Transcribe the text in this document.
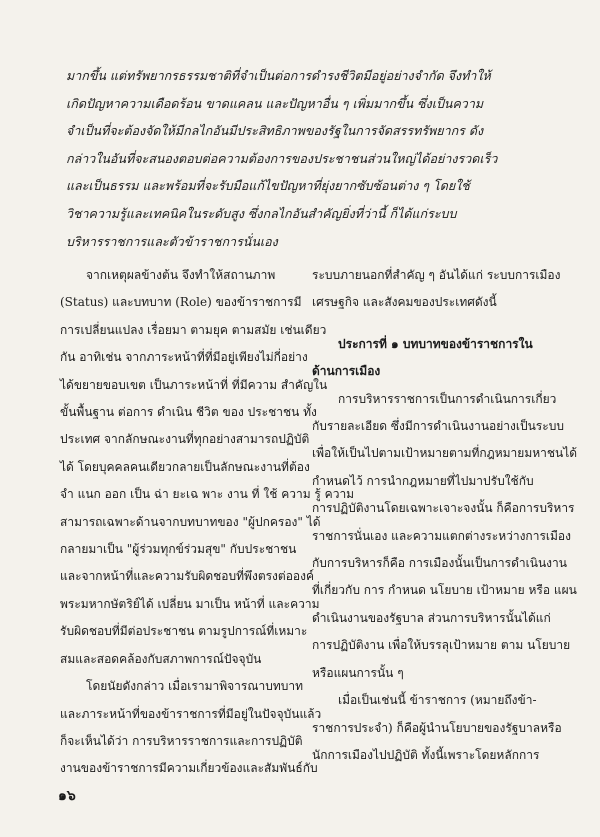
มากขึ้น แต่ทรัพยากรธรรมชาติที่จำเป็นต่อการดำรงชีวิตมีอยู่อย่างจำกัด จึงทำให้
เกิดปัญหาความเดือดร้อน ขาดแคลน และปัญหาอื่น ๆ เพิ่มมากขึ้น ซึ่งเป็นความ
จำเป็นที่จะต้องจัดให้มีกลไกอันมีประสิทธิภาพของรัฐในการจัดสรรทรัพยากร ดัง
กล่าวในอันที่จะสนองตอบต่อความต้องการของประชาชนส่วนใหญ่ได้อย่างรวดเร็ว
และเป็นธรรม และพร้อมที่จะรับมือแก้ไขปัญหาที่ยุ่งยากซับซ้อนต่าง ๆ โดยใช้
วิชาความรู้และเทคนิคในระดับสูง ซึ่งกลไกอันสำคัญยิ่งที่ว่านี้ ก็ได้แก่ระบบ
บริหารราชการและตัวข้าราชการนั่นเอง
จากเหตุผลข้างต้น จึงทำให้สถานภาพ
(Status) และบทบาท (Role) ของข้าราชการมี
การเปลี่ยนแปลง เรื่อยมา ตามยุค ตามสมัย เช่นเดียว
กัน อาทิเช่น จากภาระหน้าที่ที่มีอยู่เพียงไม่กี่อย่าง
ได้ขยายขอบเขต เป็นภาระหน้าที่ ที่มีความ สำคัญใน
ขั้นพื้นฐาน ต่อการ ดำเนิน ชีวิต ของ ประชาชน ทั้ง
ประเทศ จากลักษณะงานที่ทุกอย่างสามารถปฏิบัติ
ได้ โดยบุคคลคนเดียวกลายเป็นลักษณะงานที่ต้อง
จำ แนก ออก เป็น ฉ่า ยะเฉ พาะ งาน ที่ ใช้ ความ รู้ ความ
สามารถเฉพาะด้านจากบทบาทของ "ผู้ปกครอง" ได้
กลายมาเป็น "ผู้ร่วมทุกข์ร่วมสุข" กับประชาชน
และจากหน้าที่และความรับผิดชอบที่พึงตรงต่อองค์
พระมหากษัตริย์ได้ เปลี่ยน มาเป็น หน้าที่ และความ
รับผิดชอบที่มีต่อประชาชน ตามรูปการณ์ที่เหมาะ
สมและสอดคล้องกับสภาพการณ์ปัจจุบัน
โดยนัยดังกล่าว เมื่อเรามาพิจารณาบทบาท
และภาระหน้าที่ของข้าราชการที่มีอยู่ในปัจจุบันแล้ว
ก็จะเห็นได้ว่า การบริหารราชการและการปฏิบัติ
งานของข้าราชการมีความเกี่ยวข้องและสัมพันธ์กับ
ระบบภายนอกที่สำคัญ ๆ อันได้แก่ ระบบการเมือง
เศรษฐกิจ และสังคมของประเทศดังนี้
ประการที่ ๑ บทบาทของข้าราชการใน
ด้านการเมือง
การบริหารราชการเป็นการดำเนินการเกี่ยว
กับรายละเอียด ซึ่งมีการดำเนินงานอย่างเป็นระบบ
เพื่อให้เป็นไปตามเป้าหมายตามที่กฎหมายมหาชนได้
กำหนดไว้ การนำกฎหมายที่ไปมาปรับใช้กับ
การปฏิบัติงานโดยเฉพาะเจาะจงนั้น ก็คือการบริหาร
ราชการนั่นเอง และความแตกต่างระหว่างการเมือง
กับการบริหารก็คือ การเมืองนั้นเป็นการดำเนินงาน
ที่เกี่ยวกับ การ กำหนด นโยบาย เป้าหมาย หรือ แผน
ดำเนินงานของรัฐบาล ส่วนการบริหารนั้นได้แก่
การปฏิบัติงาน เพื่อให้บรรลุเป้าหมาย ตาม นโยบาย
หรือแผนการนั้น ๆ
เมื่อเป็นเช่นนี้ ข้าราชการ (หมายถึงข้า-
ราชการประจำ) ก็คือผู้นำนโยบายของรัฐบาลหรือ
นักการเมืองไปปฏิบัติ ทั้งนี้เพราะโดยหลักการ
๑๖
